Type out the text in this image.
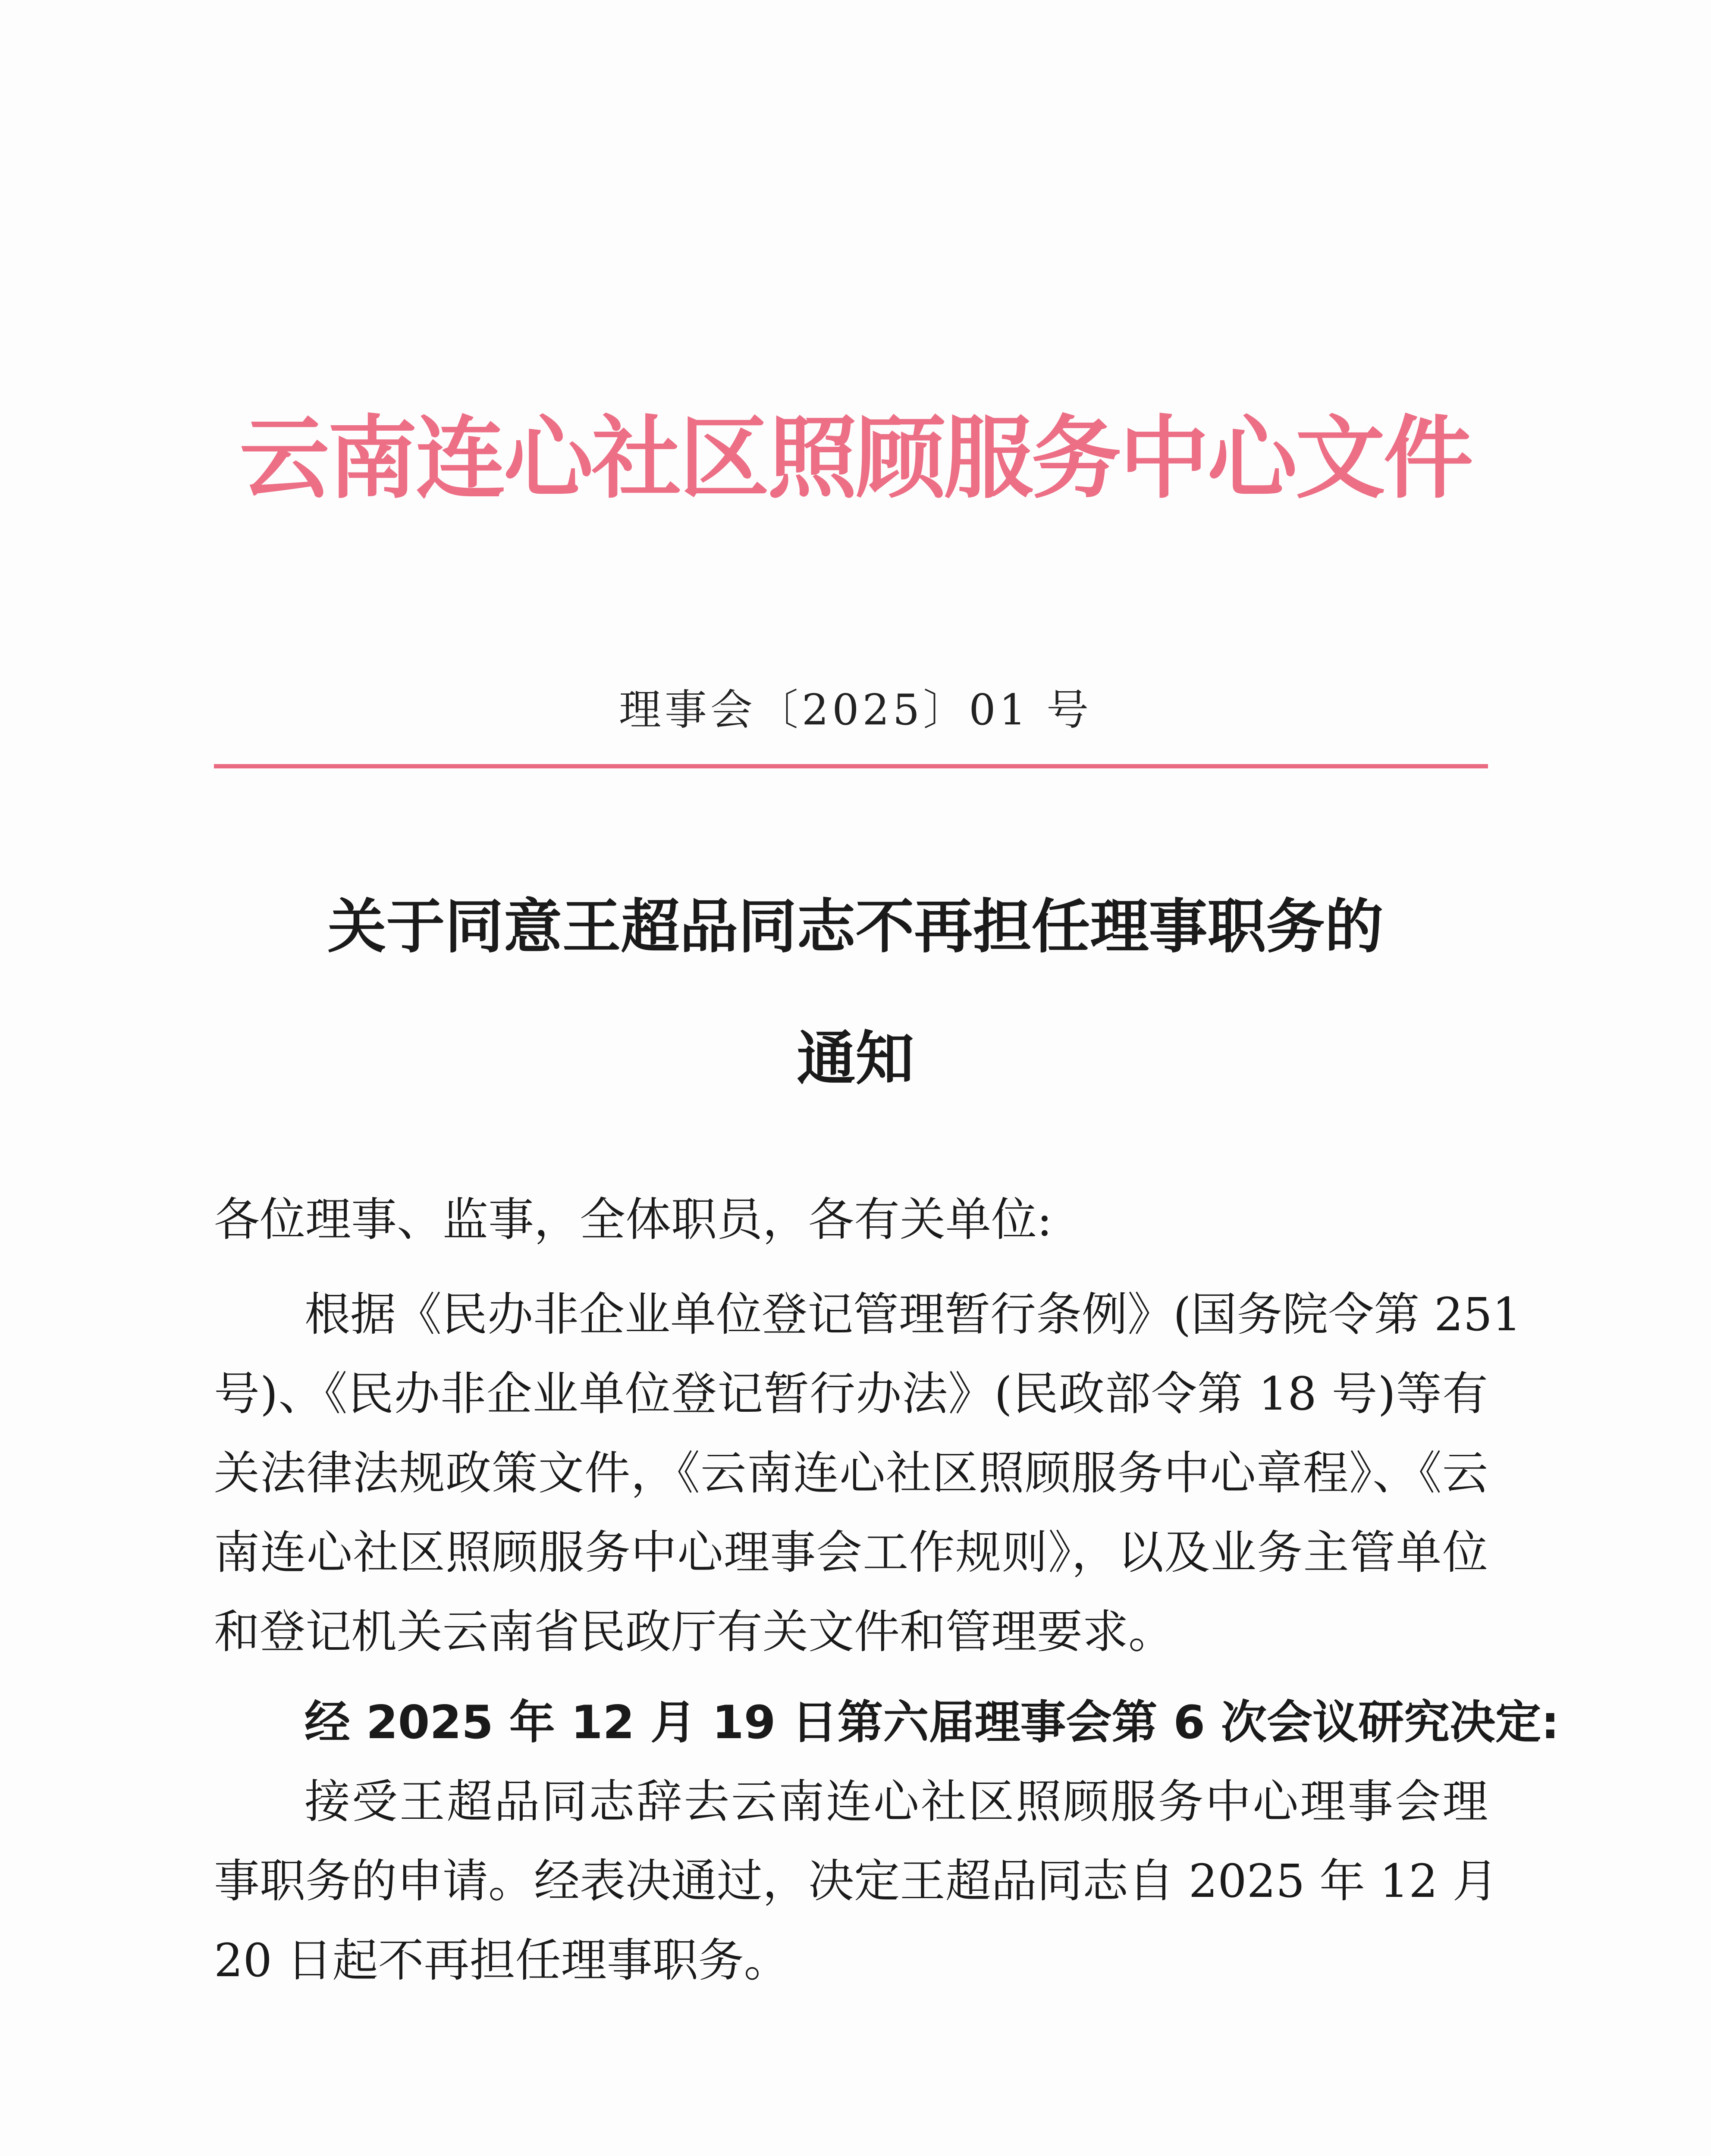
云南连心社区照顾服务中心文件
理事会〔2025〕01 号
关于同意王超品同志不再担任理事职务的
通知
各位理事、监事，全体职员，各有关单位:
根据《民办非企业单位登记管理暂行条例》(国务院令第 251
号)、《民办非企业单位登记暂行办法》(民政部令第 18 号)等有
关法律法规政策文件，《云南连心社区照顾服务中心章程》、《云
南连心社区照顾服务中心理事会工作规则》，以及业务主管单位
和登记机关云南省民政厅有关文件和管理要求。
经 2025 年 12 月 19 日第六届理事会第 6 次会议研究决定:
接受王超品同志辞去云南连心社区照顾服务中心理事会理
事职务的申请。经表决通过，决定王超品同志自 2025 年 12 月
20 日起不再担任理事职务。
